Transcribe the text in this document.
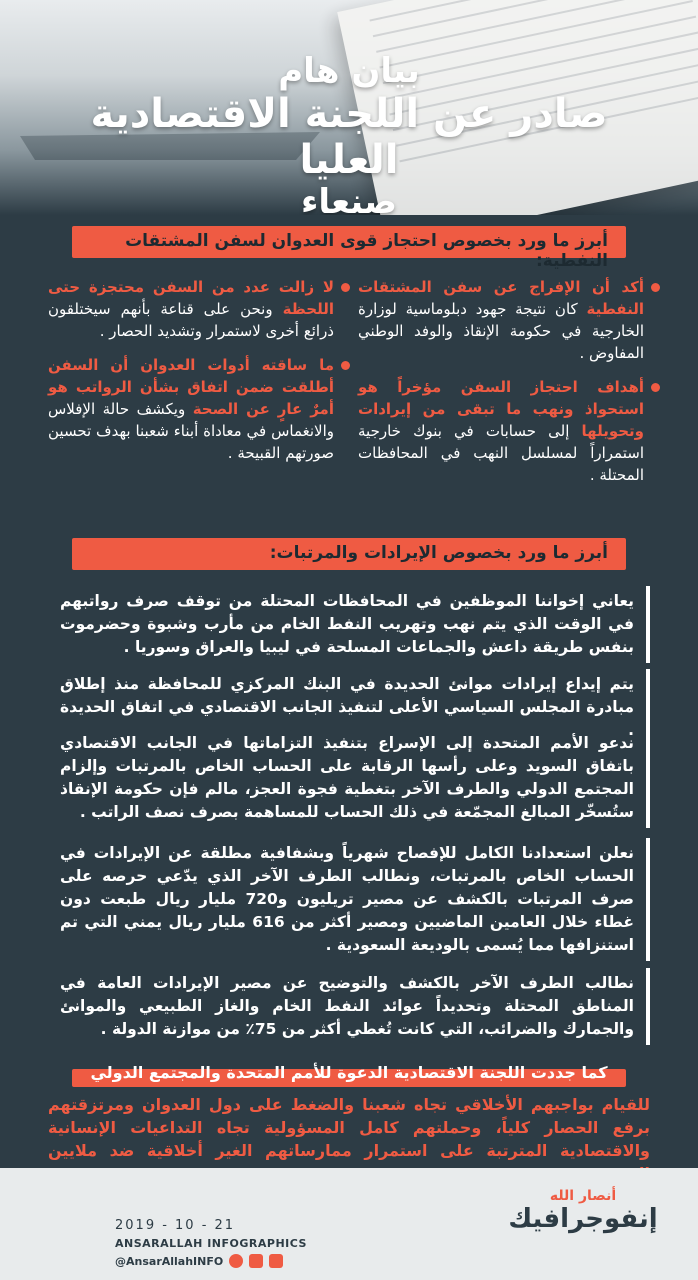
بيان هام
صادر عن اللجنة الاقتصادية العليا
صنعاء
أبرز ما ورد بخصوص احتجاز قوى العدوان لسفن المشتقات النفطية:
أكد أن الإفراج عن سفن المشتقات النفطية كان نتيجة جهود دبلوماسية لوزارة الخارجية في حكومة الإنقاذ والوفد الوطني المفاوض .
أهداف احتجاز السفن مؤخراً هو استحواذ ونهب ما تبقى من إيرادات وتحويلها إلى حسابات في بنوك خارجية استمراراً لمسلسل النهب في المحافظات المحتلة .
لا زالت عدد من السفن محتجزة حتى اللحظة ونحن على قناعة بأنهم سيختلقون ذرائع أخرى لاستمرار وتشديد الحصار .
ما ساقته أدوات العدوان أن السفن أطلقت ضمن اتفاق بشأن الرواتب هو أمرٌ عارٍ عن الصحة ويكشف حالة الإفلاس والانغماس في معاداة أبناء شعبنا بهدف تحسين صورتهم القبيحة .
أبرز ما ورد بخصوص الإيرادات والمرتبات:
يعاني إخواننا الموظفين في المحافظات المحتلة من توقف صرف رواتبهم في الوقت الذي يتم نهب وتهريب النفط الخام من مأرب وشبوة وحضرموت بنفس طريقة داعش والجماعات المسلحة في ليبيا والعراق وسوريا .
يتم إيداع إيرادات موانئ الحديدة في البنك المركزي للمحافظة منذ إطلاق مبادرة المجلس السياسي الأعلى لتنفيذ الجانب الاقتصادي في اتفاق الحديدة .
ندعو الأمم المتحدة إلى الإسراع بتنفيذ التزاماتها في الجانب الاقتصادي باتفاق السويد وعلى رأسها الرقابة على الحساب الخاص بالمرتبات وإلزام المجتمع الدولي والطرف الآخر بتغطية فجوة العجز، مالم فإن حكومة الإنقاذ ستُسخّر المبالغ المجمّعة في ذلك الحساب للمساهمة بصرف نصف الراتب .
نعلن استعدادنا الكامل للإفصاح شهرياً وبشفافية مطلقة عن الإيرادات في الحساب الخاص بالمرتبات، ونطالب الطرف الآخر الذي يدّعي حرصه على صرف المرتبات بالكشف عن مصير تريليون و720 مليار ريال طبعت دون غطاء خلال العامين الماضيين ومصير أكثر من 616 مليار ريال يمني التي تم استنزافها مما يُسمى بالوديعة السعودية .
نطالب الطرف الآخر بالكشف والتوضيح عن مصير الإيرادات العامة في المناطق المحتلة وتحديداً عوائد النفط الخام والغاز الطبيعي والموانئ والجمارك والضرائب، التي كانت تُغطي أكثر من 75٪ من موازنة الدولة .
كما جددت اللجنة الاقتصادية الدعوة للأمم المتحدة والمجتمع الدولي
للقيام بواجبهم الأخلاقي تجاه شعبنا والضغط على دول العدوان ومرتزقتهم برفع الحصار كلياً، وحملتهم كامل المسؤولية تجاه التداعيات الإنسانية والاقتصادية المترتبة على استمرار ممارساتهم الغير أخلاقية ضد ملايين
2019 - 10 - 21
ANSARALLAH INFOGRAPHICS
@AnsarAllahINFO
أنصار الله
إنفوجرافيك
